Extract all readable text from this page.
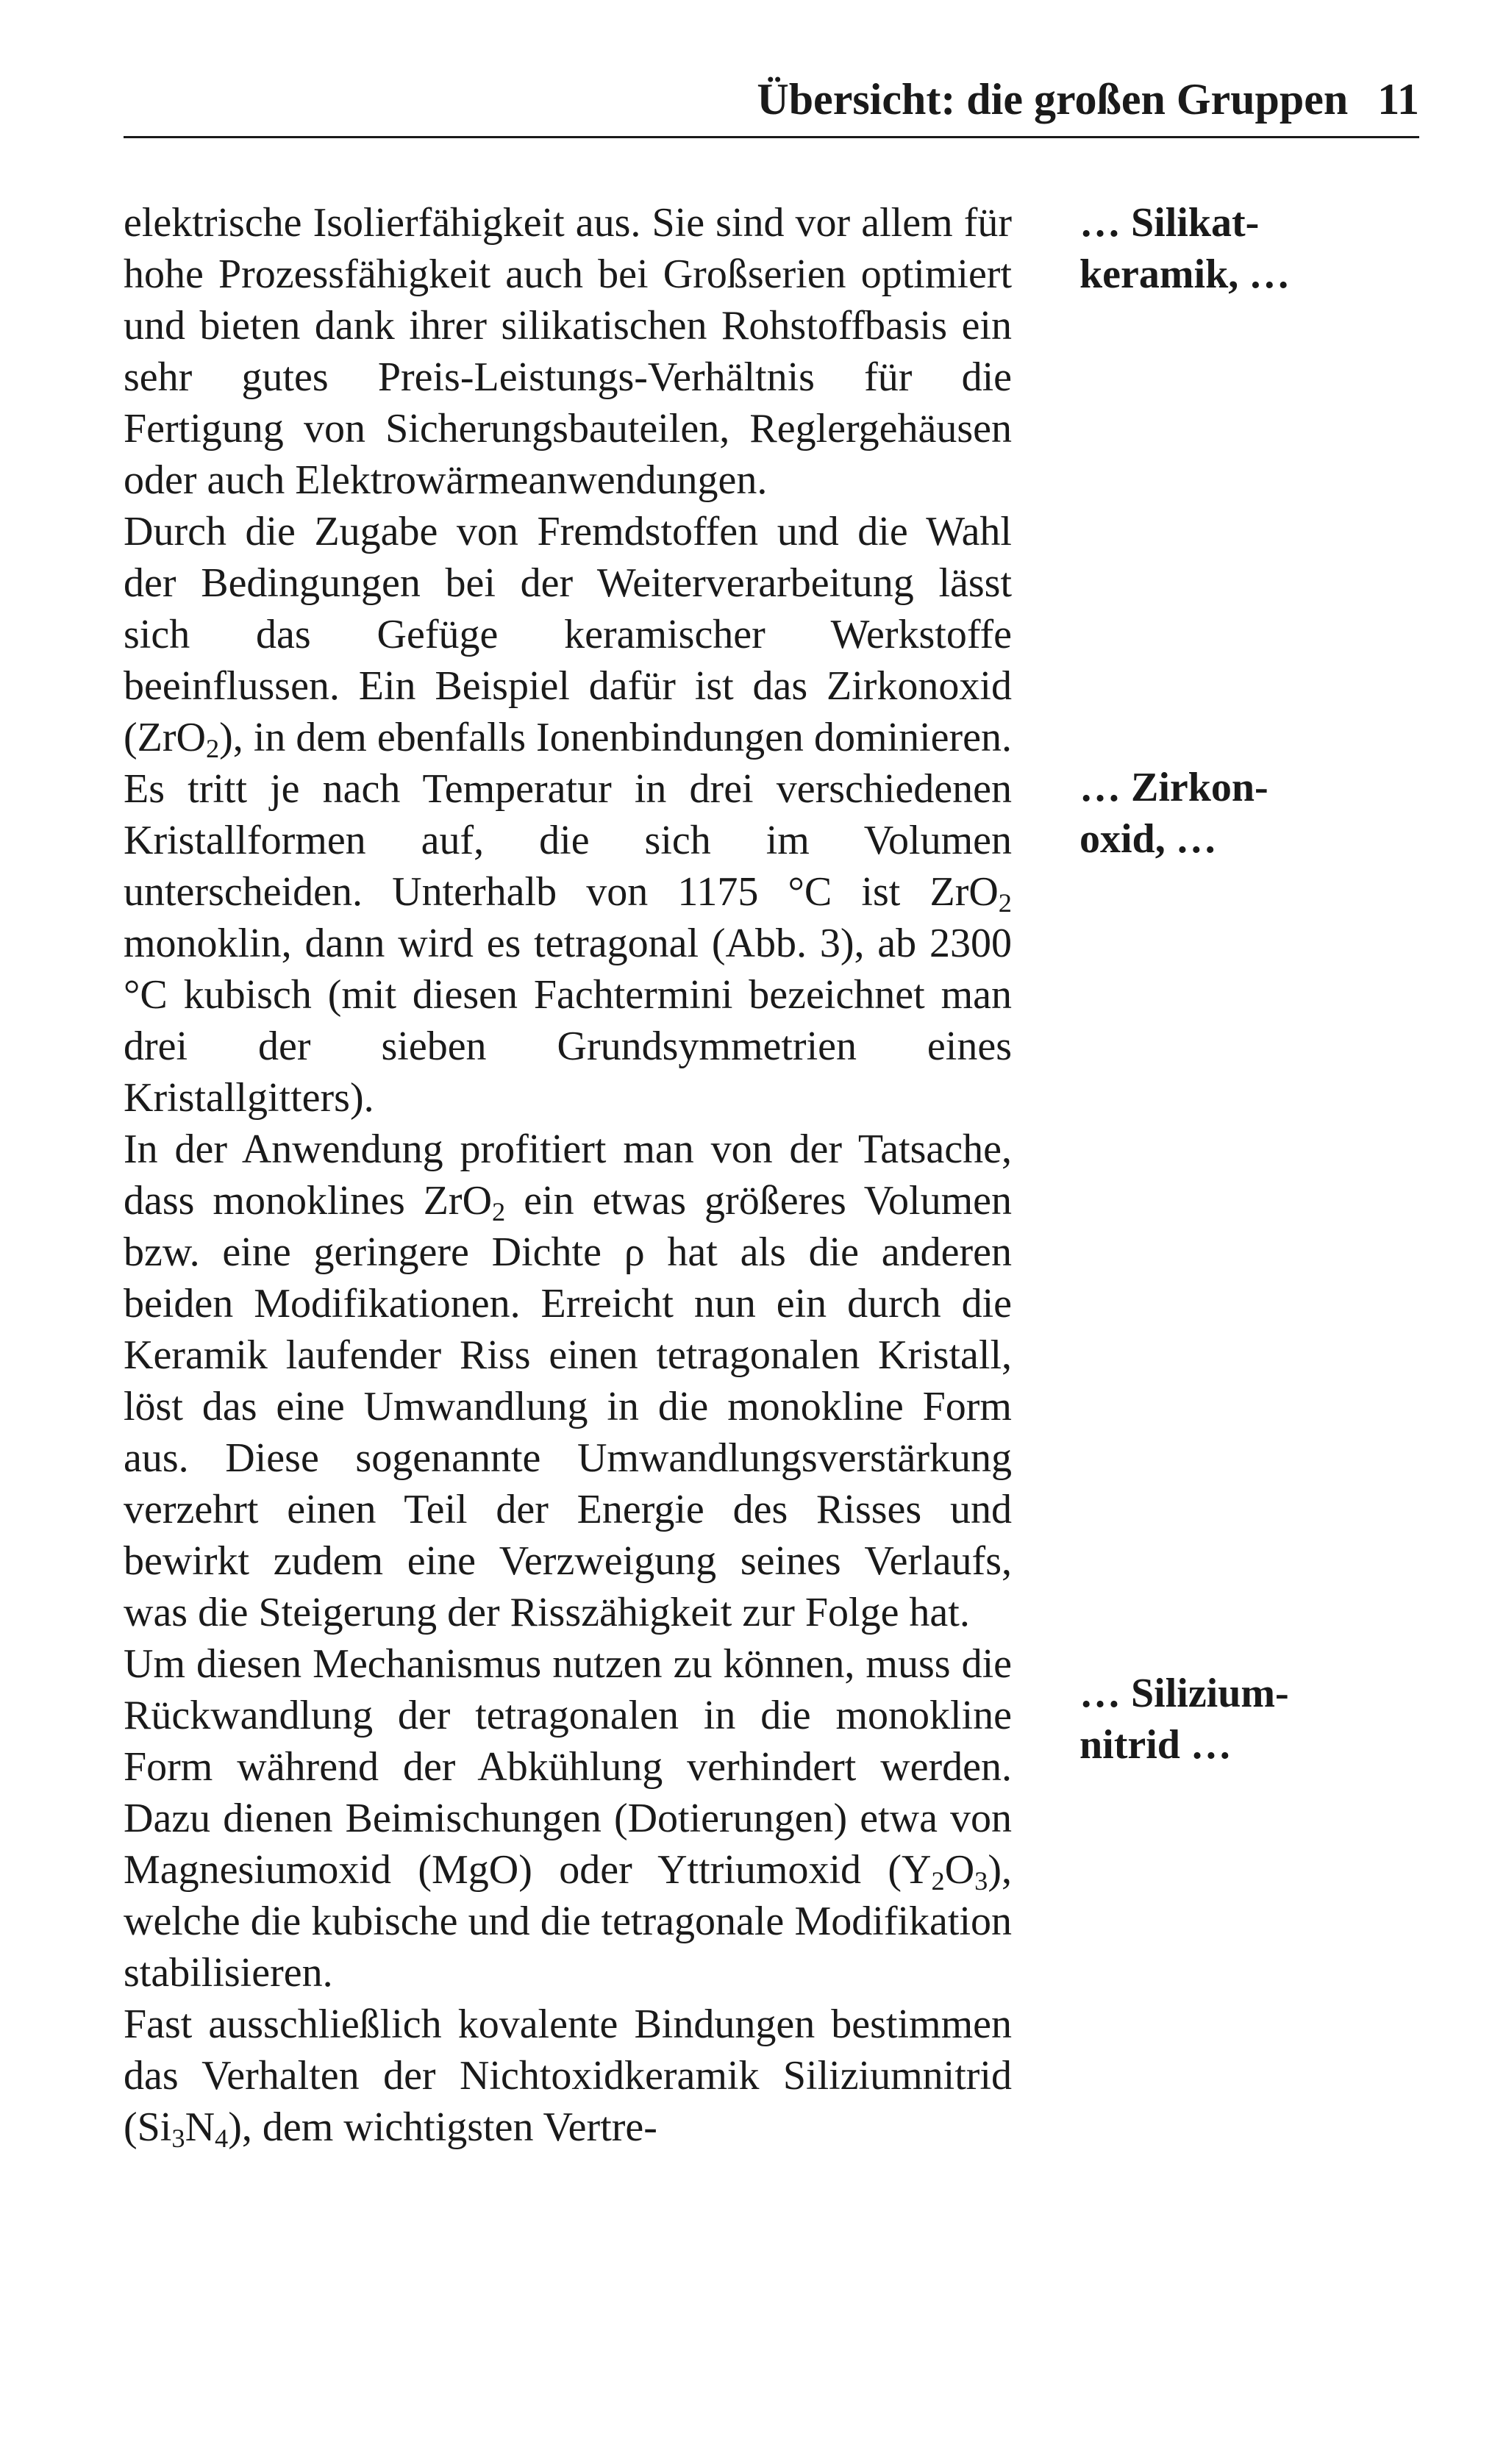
Übersicht: die großen Gruppen 11

elektrische Isolierfähigkeit aus. Sie sind vor allem für hohe Prozessfähigkeit auch bei Großserien optimiert und bieten dank ihrer silikatischen Rohstoffbasis ein sehr gutes Preis-Leistungs-Verhältnis für die Fertigung von Sicherungsbauteilen, Reglergehäusen oder auch Elektrowärmeanwendungen.

Durch die Zugabe von Fremdstoffen und die Wahl der Bedingungen bei der Weiterverarbeitung lässt sich das Gefüge keramischer Werkstoffe beeinflussen. Ein Beispiel dafür ist das Zirkonoxid (ZrO$_2$), in dem ebenfalls Ionenbindungen dominieren. Es tritt je nach Temperatur in drei verschiedenen Kristallformen auf, die sich im Volumen unterscheiden. Unterhalb von 1175 °C ist ZrO$_2$ monoklin, dann wird es tetragonal (Abb. 3), ab 2300 °C kubisch (mit diesen Fachtermini bezeichnet man drei der sieben Grundsymmetrien eines Kristallgitters).

In der Anwendung profitiert man von der Tatsache, dass monoklines ZrO$_2$ ein etwas größeres Volumen bzw. eine geringere Dichte ρ hat als die anderen beiden Modifikationen. Erreicht nun ein durch die Keramik laufender Riss einen tetragonalen Kristall, löst das eine Umwandlung in die monokline Form aus. Diese sogenannte Umwandlungsverstärkung verzehrt einen Teil der Energie des Risses und bewirkt zudem eine Verzweigung seines Verlaufs, was die Steigerung der Risszähigkeit zur Folge hat.

Um diesen Mechanismus nutzen zu können, muss die Rückwandlung der tetragonalen in die monokline Form während der Abkühlung verhindert werden. Dazu dienen Beimischungen (Dotierungen) etwa von Magnesiumoxid (MgO) oder Yttriumoxid $(Y_2O_3)$, welche die kubische und die tetragonale Modifikation stabilisieren.

Fast ausschließlich kovalente Bindungen bestimmen das Verhalten der Nichtoxidkeramik Siliziumnitrid $(Si_3N_4)$, dem wichtigsten Vertre-

… Silikat-
keramik, …
… Zirkon-
oxid, …
… Silizium-
nitrid …
